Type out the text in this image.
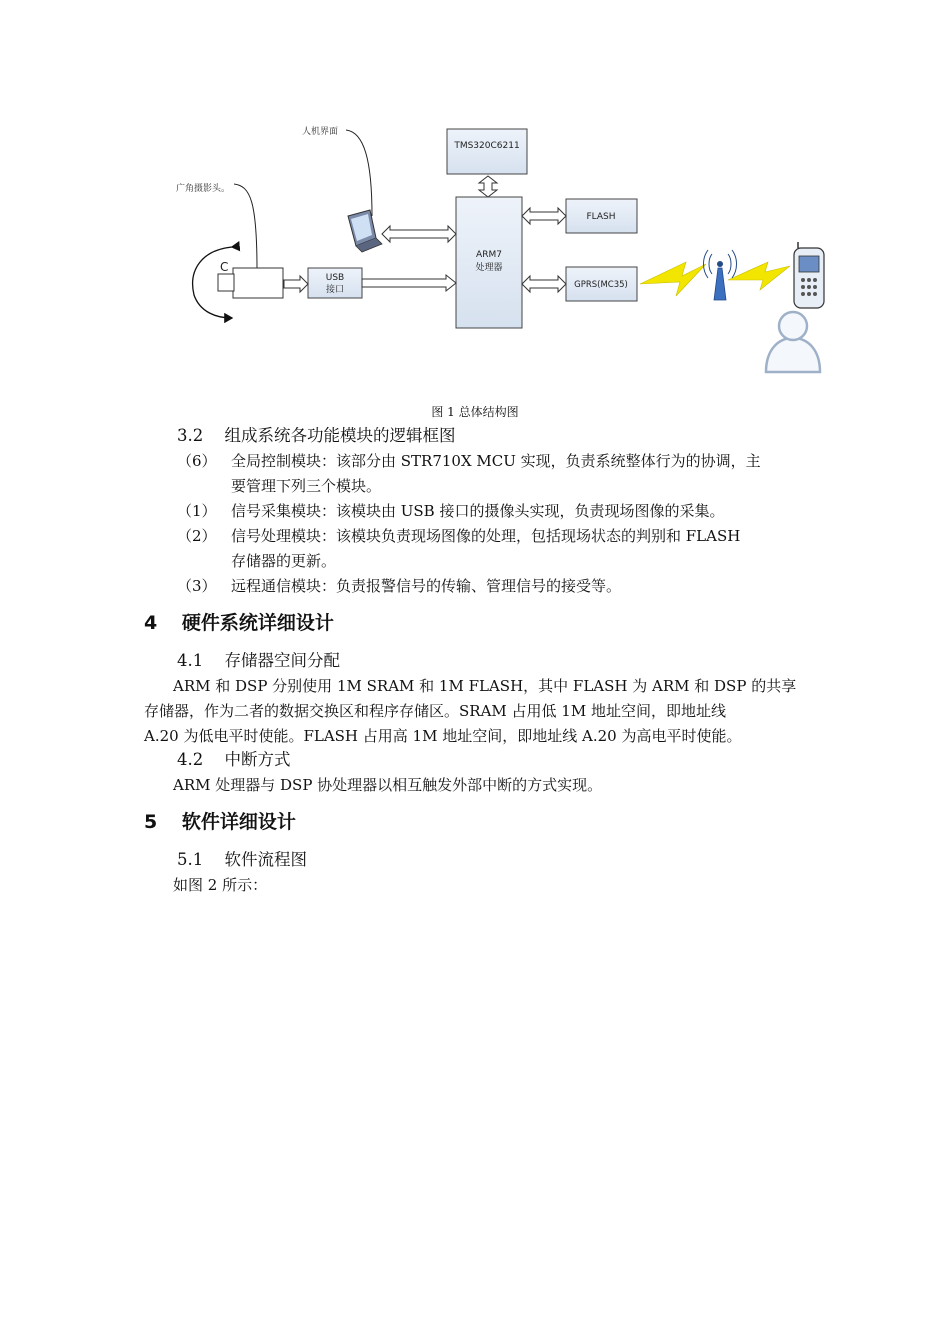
人机界面
广角摄影头。
TMS320C6211
ARM7
处理器
FLASH
GPRS(MC35)
USB
接口
C
图 1 总体结构图
3.2 组成系统各功能模块的逻辑框图
（6） 全局控制模块：该部分由 STR710X MCU 实现，负责系统整体行为的协调，主
要管理下列三个模块。
（1） 信号采集模块：该模块由 USB 接口的摄像头实现，负责现场图像的采集。
（2） 信号处理模块：该模块负责现场图像的处理，包括现场状态的判别和 FLASH
存储器的更新。
（3） 远程通信模块：负责报警信号的传输、管理信号的接受等。
4 硬件系统详细设计
4.1 存储器空间分配
ARM 和 DSP 分别使用 1M SRAM 和 1M FLASH，其中 FLASH 为 ARM 和 DSP 的共享
存储器，作为二者的数据交换区和程序存储区。SRAM 占用低 1M 地址空间，即地址线
A.20 为低电平时使能。FLASH 占用高 1M 地址空间，即地址线 A.20 为高电平时使能。
4.2 中断方式
ARM 处理器与 DSP 协处理器以相互触发外部中断的方式实现。
5 软件详细设计
5.1 软件流程图
如图 2 所示：
